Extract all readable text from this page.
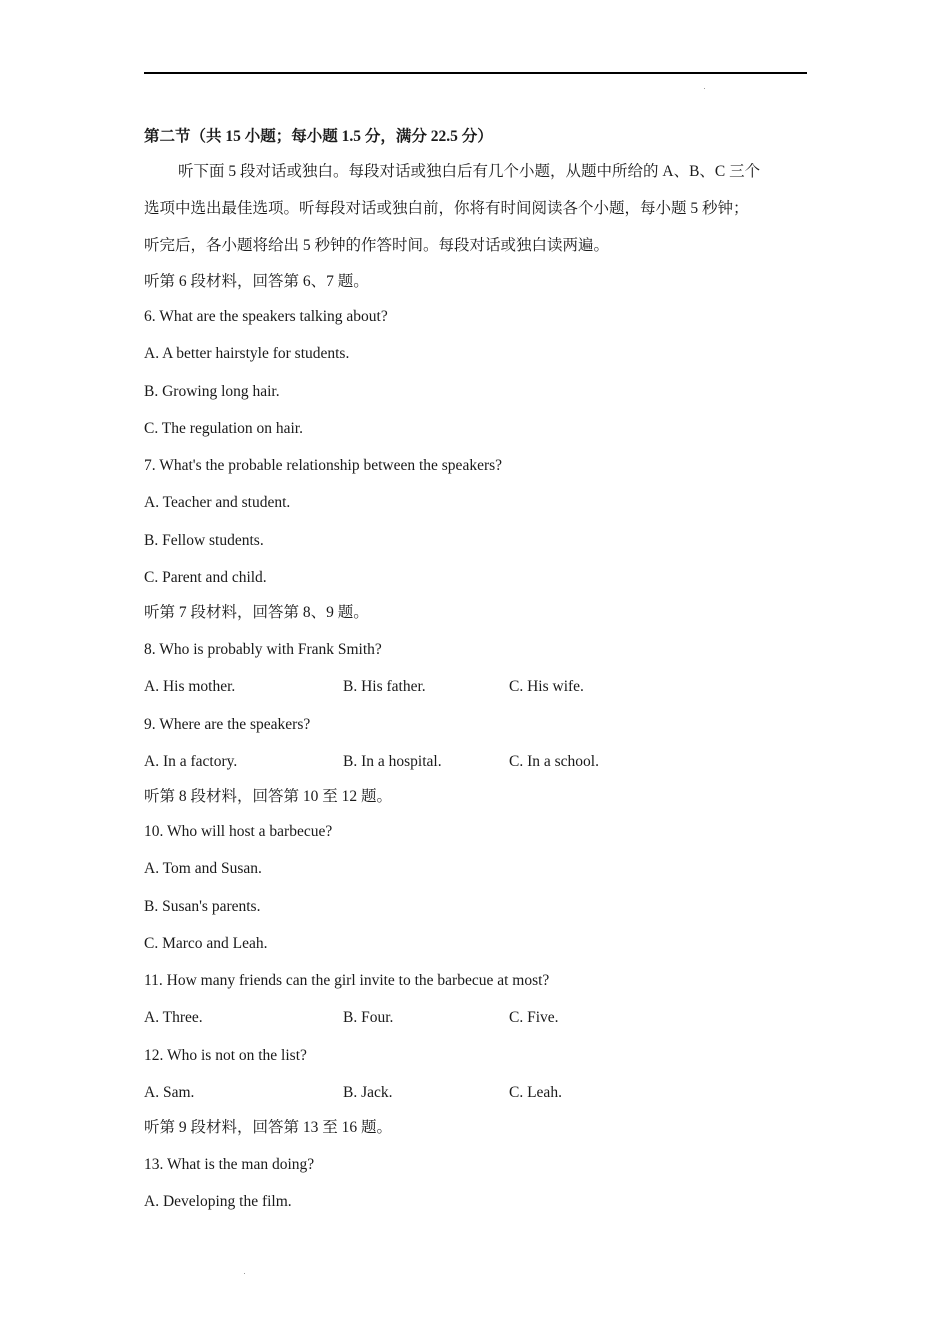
第二节（共 15 小题；每小题 1.5 分，满分 22.5 分）
听下面 5 段对话或独白。每段对话或独白后有几个小题，从题中所给的 A、B、C 三个
选项中选出最佳选项。听每段对话或独白前，你将有时间阅读各个小题，每小题 5 秒钟；
听完后，各小题将给出 5 秒钟的作答时间。每段对话或独白读两遍。
听第 6 段材料，回答第 6、7 题。
6. What are the speakers talking about?
A. A better hairstyle for students.
B. Growing long hair.
C. The regulation on hair.
7. What's the probable relationship between the speakers?
A. Teacher and student.
B. Fellow students.
C. Parent and child.
听第 7 段材料，回答第 8、9 题。
8. Who is probably with Frank Smith?
A. His mother.	B. His father.	C. His wife.
9. Where are the speakers?
A. In a factory.	B. In a hospital.	C. In a school.
听第 8 段材料，回答第 10 至 12 题。
10. Who will host a barbecue?
A. Tom and Susan.
B. Susan's parents.
C. Marco and Leah.
11. How many friends can the girl invite to the barbecue at most?
A. Three.	B. Four.	C. Five.
12. Who is not on the list?
A. Sam.	B. Jack.	C. Leah.
听第 9 段材料，回答第 13 至 16 题。
13. What is the man doing?
A. Developing the film.
